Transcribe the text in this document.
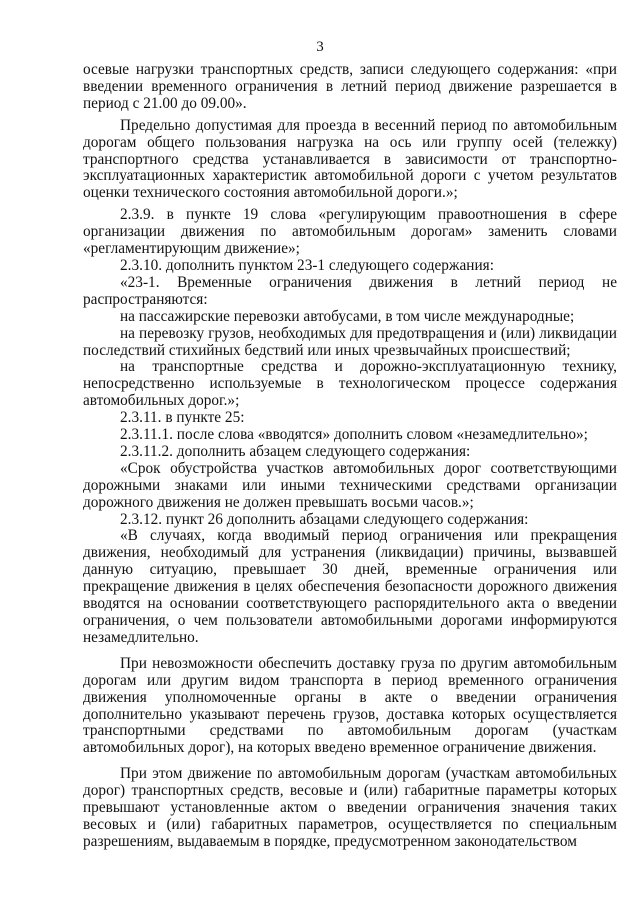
3

осевые нагрузки транспортных средств, записи следующего содержания: «при введении временного ограничения в летний период движение разрешается в период с 21.00 до 09.00».

Предельно допустимая для проезда в весенний период по автомобильным дорогам общего пользования нагрузка на ось или группу осей (тележку) транспортного средства устанавливается в зависимости от транспортно-эксплуатационных характеристик автомобильной дороги с учетом результатов оценки технического состояния автомобильной дороги.»;

2.3.9. в пункте 19 слова «регулирующим правоотношения в сфере организации движения по автомобильным дорогам» заменить словами «регламентирующим движение»;

2.3.10. дополнить пунктом 23-1 следующего содержания:

«23-1. Временные ограничения движения в летний период не распространяются:

на пассажирские перевозки автобусами, в том числе международные;

на перевозку грузов, необходимых для предотвращения и (или) ликвидации последствий стихийных бедствий или иных чрезвычайных происшествий;

на транспортные средства и дорожно-эксплуатационную технику, непосредственно используемые в технологическом процессе содержания автомобильных дорог.»;

2.3.11. в пункте 25:

2.3.11.1. после слова «вводятся» дополнить словом «незамедлительно»;

2.3.11.2. дополнить абзацем следующего содержания:

«Срок обустройства участков автомобильных дорог соответствующими дорожными знаками или иными техническими средствами организации дорожного движения не должен превышать восьми часов.»;

2.3.12. пункт 26 дополнить абзацами следующего содержания:

«В случаях, когда вводимый период ограничения или прекращения движения, необходимый для устранения (ликвидации) причины, вызвавшей данную ситуацию, превышает 30 дней, временные ограничения или прекращение движения в целях обеспечения безопасности дорожного движения вводятся на основании соответствующего распорядительного акта о введении ограничения, о чем пользователи автомобильными дорогами информируются незамедлительно.

При невозможности обеспечить доставку груза по другим автомобильным дорогам или другим видом транспорта в период временного ограничения движения уполномоченные органы в акте о введении ограничения дополнительно указывают перечень грузов, доставка которых осуществляется транспортными средствами по автомобильным дорогам (участкам автомобильных дорог), на которых введено временное ограничение движения.

При этом движение по автомобильным дорогам (участкам автомобильных дорог) транспортных средств, весовые и (или) габаритные параметры которых превышают установленные актом о введении ограничения значения таких весовых и (или) габаритных параметров, осуществляется по специальным разрешениям, выдаваемым в порядке, предусмотренном законодательством
